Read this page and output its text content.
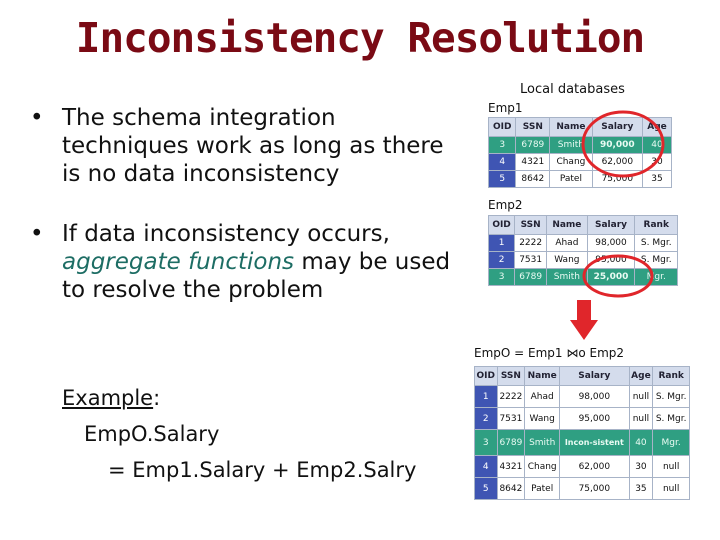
Inconsistency Resolution
• The schema integration techniques work as long as there is no data inconsistency
• If data inconsistency occurs, aggregate functions may be used to resolve the problem
Example:
EmpO.Salary
= Emp1.Salary + Emp2.Salry
Local databases
Emp1
OID	SSN	Name	Salary	Age
3	6789	Smith	90,000	40
4	4321	Chang	62,000	30
5	8642	Patel	75,000	35
Emp2
OID	SSN	Name	Salary	Rank
1	2222	Ahad	98,000	S. Mgr.
2	7531	Wang	95,000	S. Mgr.
3	6789	Smith	25,000	Mgr.
EmpO = Emp1 ⋈o Emp2
OID	SSN	Name	Salary	Age	Rank
1	2222	Ahad	98,000	null	S. Mgr.
2	7531	Wang	95,000	null	S. Mgr.
3	6789	Smith	Incon-sistent	40	Mgr.
4	4321	Chang	62,000	30	null
5	8642	Patel	75,000	35	null
